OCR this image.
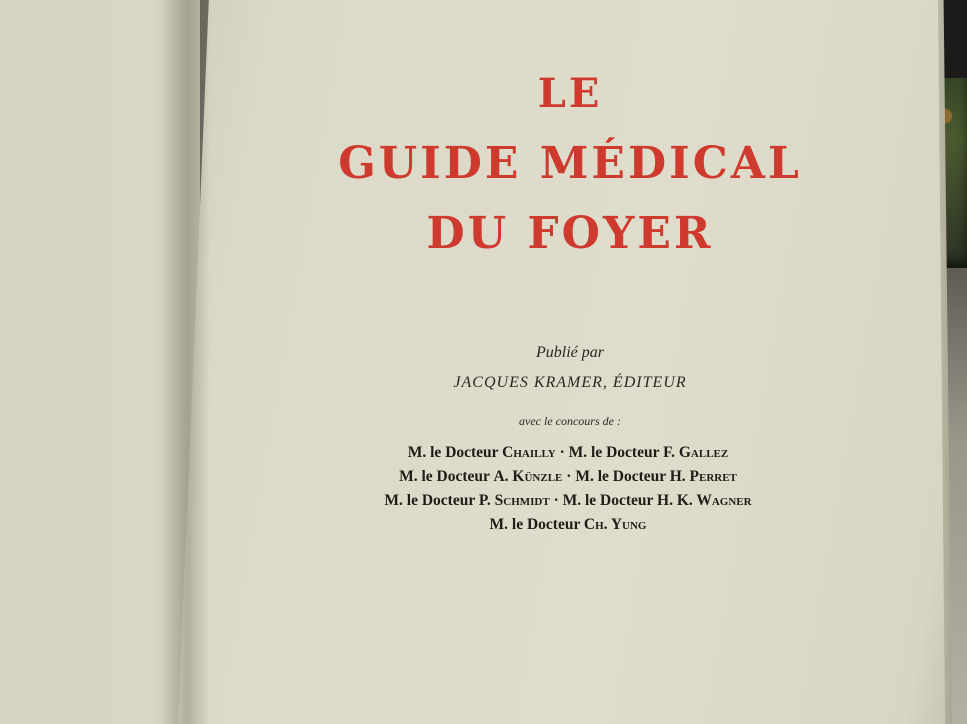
LE

GUIDE MÉDICAL

DU FOYER

Publié par

JACQUES KRAMER, ÉDITEUR

avec le concours de :

M. le Docteur Chailly · M. le Docteur F. Gallez
M. le Docteur A. Künzle · M. le Docteur H. Perret
M. le Docteur P. Schmidt · M. le Docteur H. K. Wagner
M. le Docteur Ch. Yung
